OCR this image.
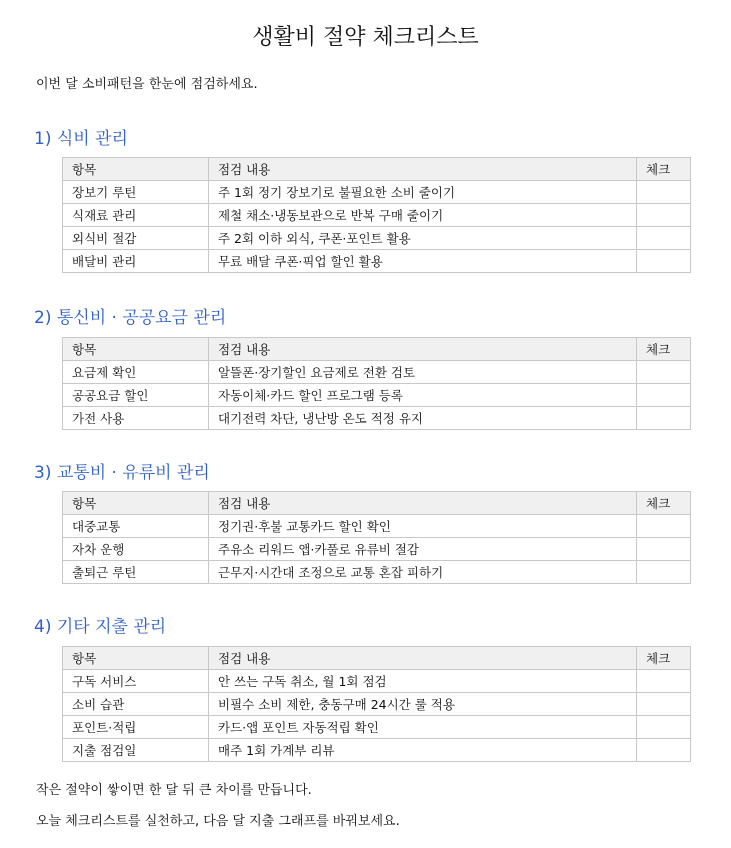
생활비 절약 체크리스트

이번 달 소비패턴을 한눈에 점검하세요.

1) 식비 관리
항목	점검 내용	체크
장보기 루틴	주 1회 정기 장보기로 불필요한 소비 줄이기	

식재료 관리	제철 채소·냉동보관으로 반복 구매 줄이기	

외식비 절감	주 2회 이하 외식, 쿠폰·포인트 활용	

배달비 관리	무료 배달 쿠폰·픽업 할인 활용	
2) 통신비 · 공공요금 관리
항목	점검 내용	체크
요금제 확인	알뜰폰·장기할인 요금제로 전환 검토	

공공요금 할인	자동이체·카드 할인 프로그램 등록	

가전 사용	대기전력 차단, 냉난방 온도 적정 유지	
3) 교통비 · 유류비 관리
항목	점검 내용	체크
대중교통	정기권·후불 교통카드 할인 확인	

자차 운행	주유소 리워드 앱·카풀로 유류비 절감	

출퇴근 루틴	근무지·시간대 조정으로 교통 혼잡 피하기	
4) 기타 지출 관리
항목	점검 내용	체크
구독 서비스	안 쓰는 구독 취소, 월 1회 점검	

소비 습관	비필수 소비 제한, 충동구매 24시간 룰 적용	

포인트·적립	카드·앱 포인트 자동적립 확인	

지출 점검일	매주 1회 가계부 리뷰	

작은 절약이 쌓이면 한 달 뒤 큰 차이를 만듭니다.

오늘 체크리스트를 실천하고, 다음 달 지출 그래프를 바꿔보세요.
